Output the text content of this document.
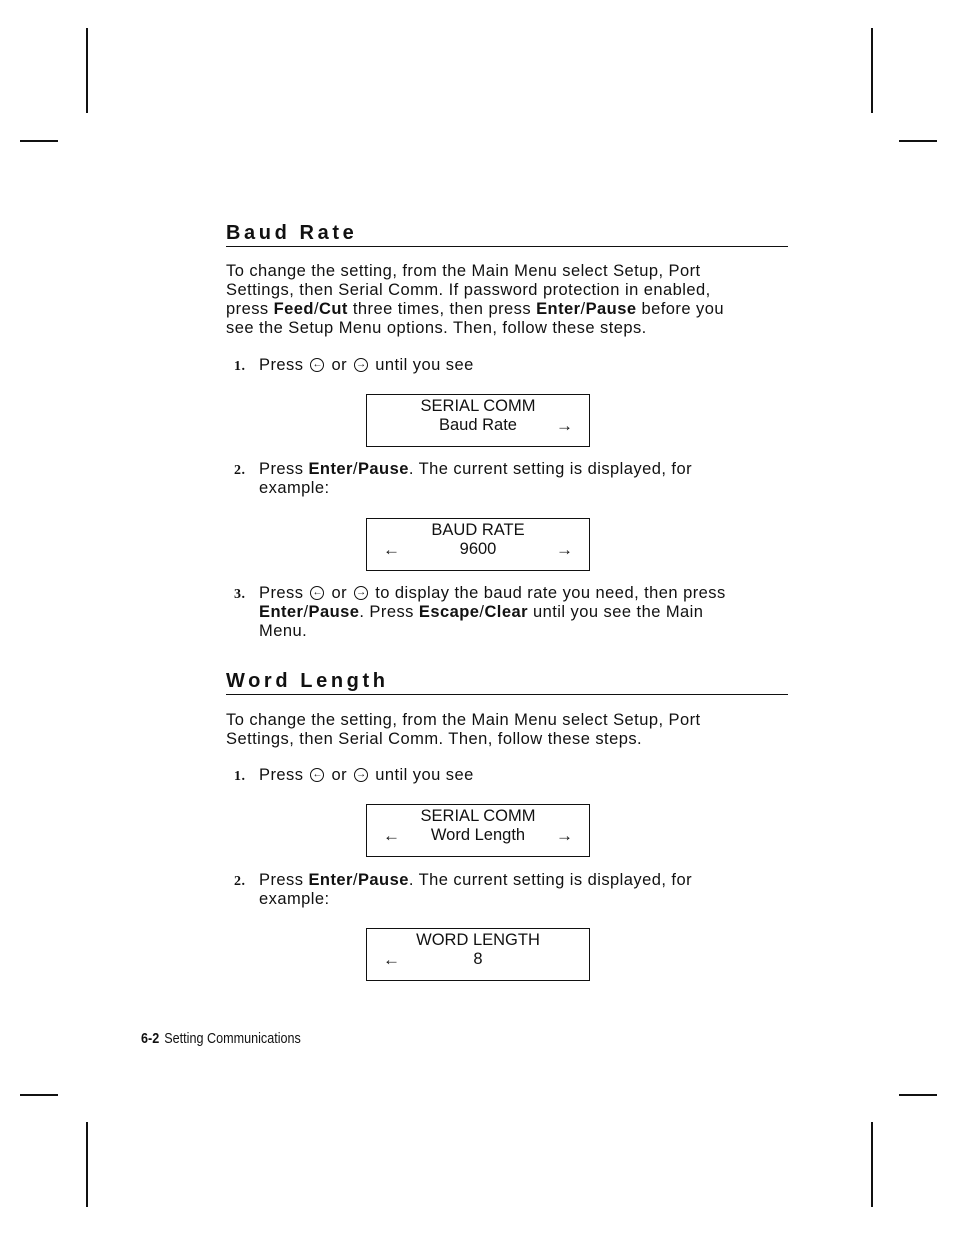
Baud Rate

To change the setting, from the Main Menu select Setup, Port
Settings, then Serial Comm. If password protection in enabled,
press Feed/Cut three times, then press Enter/Pause before you
see the Setup Menu options. Then, follow these steps.

1. Press ← or → until you see
SERIAL COMM
Baud Rate	→
2. Press Enter/Pause. The current setting is displayed, for
example:
BAUD RATE
9600
←	→
3. Press ← or → to display the baud rate you need, then press
Enter/Pause. Press Escape/Clear until you see the Main
Menu.
Word Length

To change the setting, from the Main Menu select Setup, Port
Settings, then Serial Comm. Then, follow these steps.

1. Press ← or → until you see
SERIAL COMM
Word Length
←	→
2. Press Enter/Pause. The current setting is displayed, for
example:
WORD LENGTH
8
←
6-2 Setting Communications
